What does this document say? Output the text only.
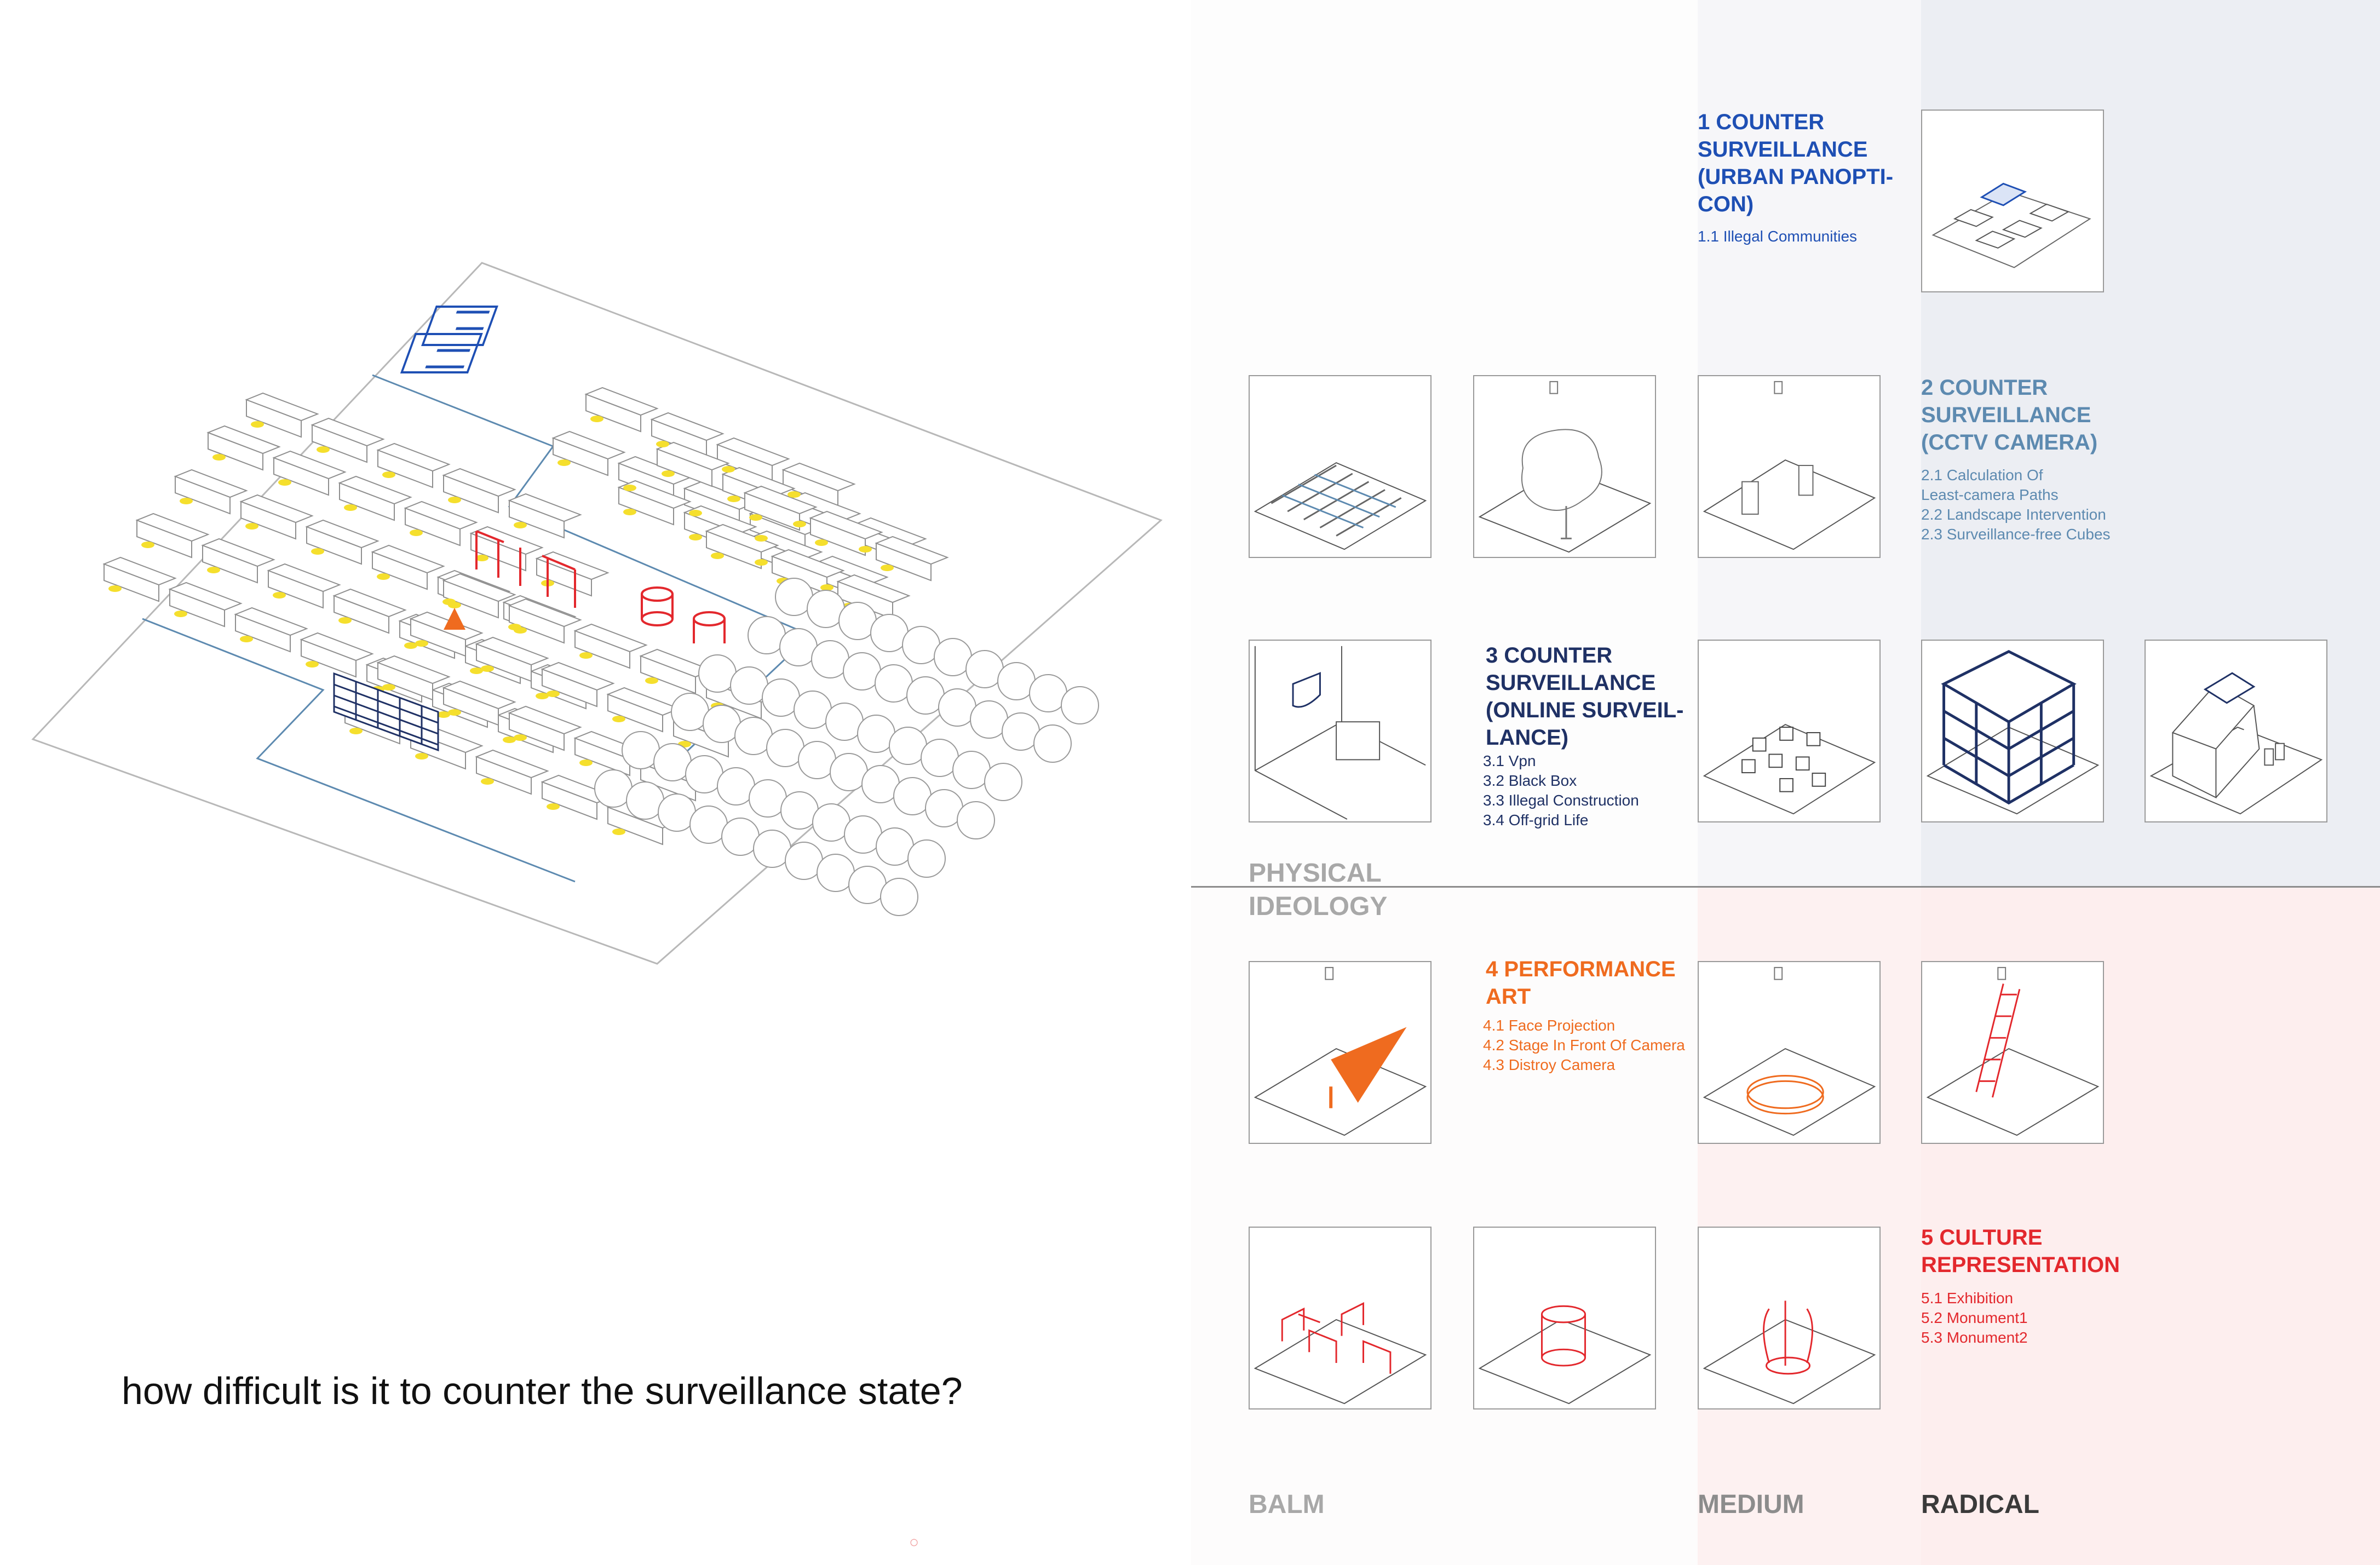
how difficult is it to counter the surveillance state?
○
1 COUNTER
SURVEILLANCE
(URBAN PANOPTI-
CON)
1.1 Illegal Communities
2 COUNTER
SURVEILLANCE
(CCTV CAMERA)
2.1 Calculation Of
Least-camera Paths
2.2 Landscape Intervention
2.3 Surveillance-free Cubes
3 COUNTER
SURVEILLANCE
(ONLINE SURVEIL-
LANCE)
3.1 Vpn
3.2 Black Box
3.3 Illegal Construction
3.4 Off-grid Life
4 PERFORMANCE
ART
4.1 Face Projection
4.2 Stage In Front Of Camera
4.3 Distroy Camera
5 CULTURE
REPRESENTATION
5.1 Exhibition
5.2 Monument1
5.3 Monument2
PHYSICAL
IDEOLOGY
BALM	MEDIUM	RADICAL
